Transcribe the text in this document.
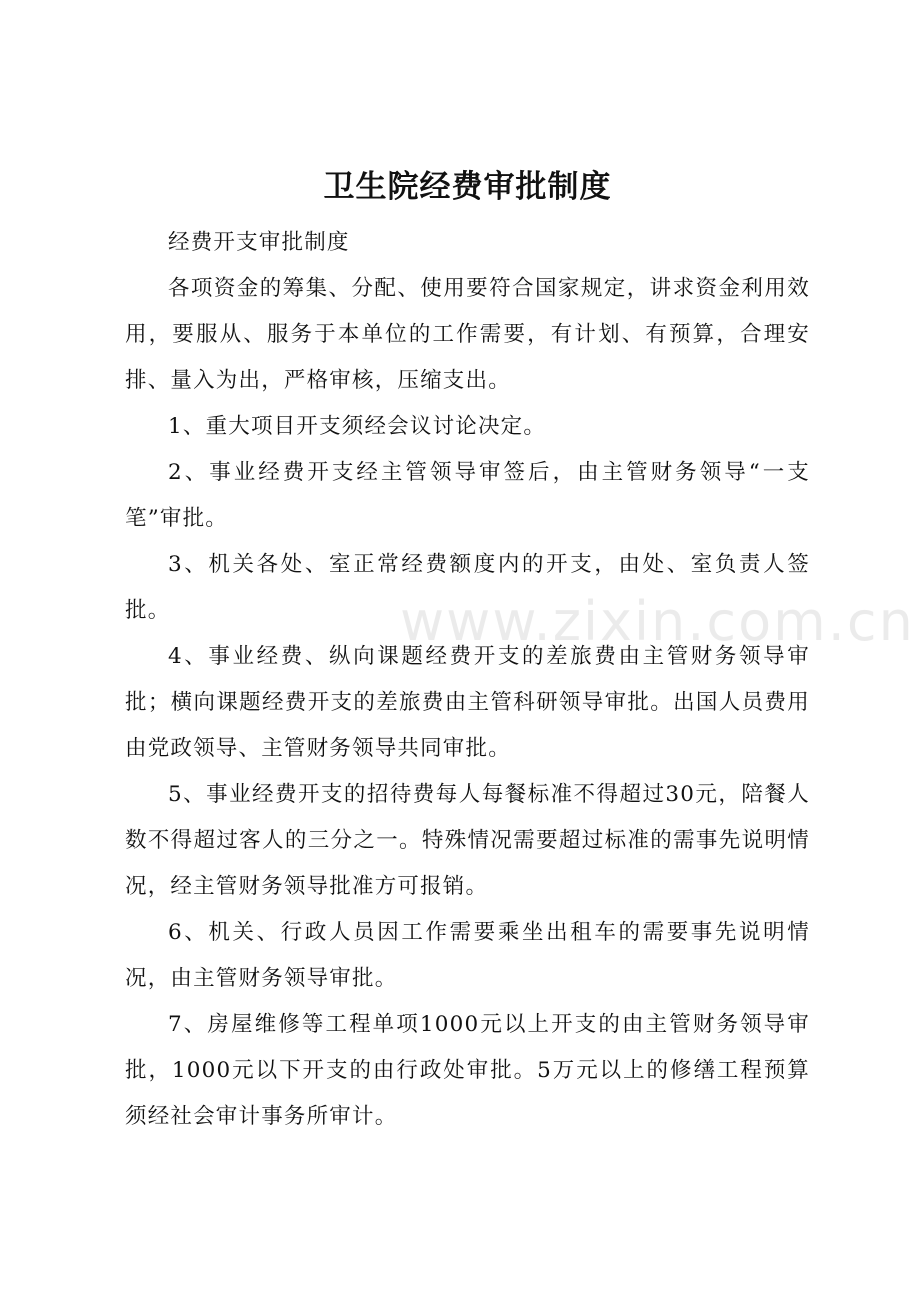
www.zixin.com.cn
卫生院经费审批制度

经费开支审批制度

各项资金的筹集、分配、使用要符合国家规定，讲求资金利用效用，要服从、服务于本单位的工作需要，有计划、有预算，合理安排、量入为出，严格审核，压缩支出。

1、重大项目开支须经会议讨论决定。

2、事业经费开支经主管领导审签后，由主管财务领导“一支笔”审批。

3、机关各处、室正常经费额度内的开支，由处、室负责人签批。

4、事业经费、纵向课题经费开支的差旅费由主管财务领导审批；横向课题经费开支的差旅费由主管科研领导审批。出国人员费用由党政领导、主管财务领导共同审批。

5、事业经费开支的招待费每人每餐标准不得超过30元，陪餐人数不得超过客人的三分之一。特殊情况需要超过标准的需事先说明情况，经主管财务领导批准方可报销。

6、机关、行政人员因工作需要乘坐出租车的需要事先说明情况，由主管财务领导审批。

7、房屋维修等工程单项1000元以上开支的由主管财务领导审批，1000元以下开支的由行政处审批。5万元以上的修缮工程预算须经社会审计事务所审计。
